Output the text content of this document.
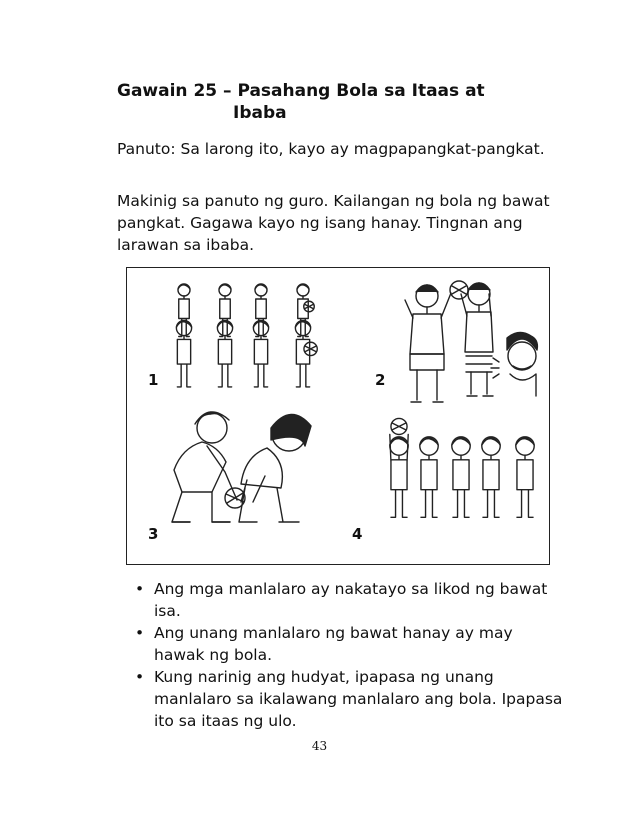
Gawain 25 – Pasahang Bola sa Itaas at
Ibaba
Panuto: Sa larong ito, kayo ay magpapangkat-pangkat.
Makinig sa panuto ng guro. Kailangan ng bola ng bawat pangkat. Gagawa kayo ng isang hanay. Tingnan ang larawan sa ibaba.
1	2
3	4
• Ang mga manlalaro ay nakatayo sa likod ng bawat isa.
• Ang unang manlalaro ng bawat hanay ay may hawak ng bola.
• Kung narinig ang hudyat, ipapasa ng unang manlalaro sa ikalawang manlalaro ang bola. Ipapasa ito sa itaas ng ulo.
43
